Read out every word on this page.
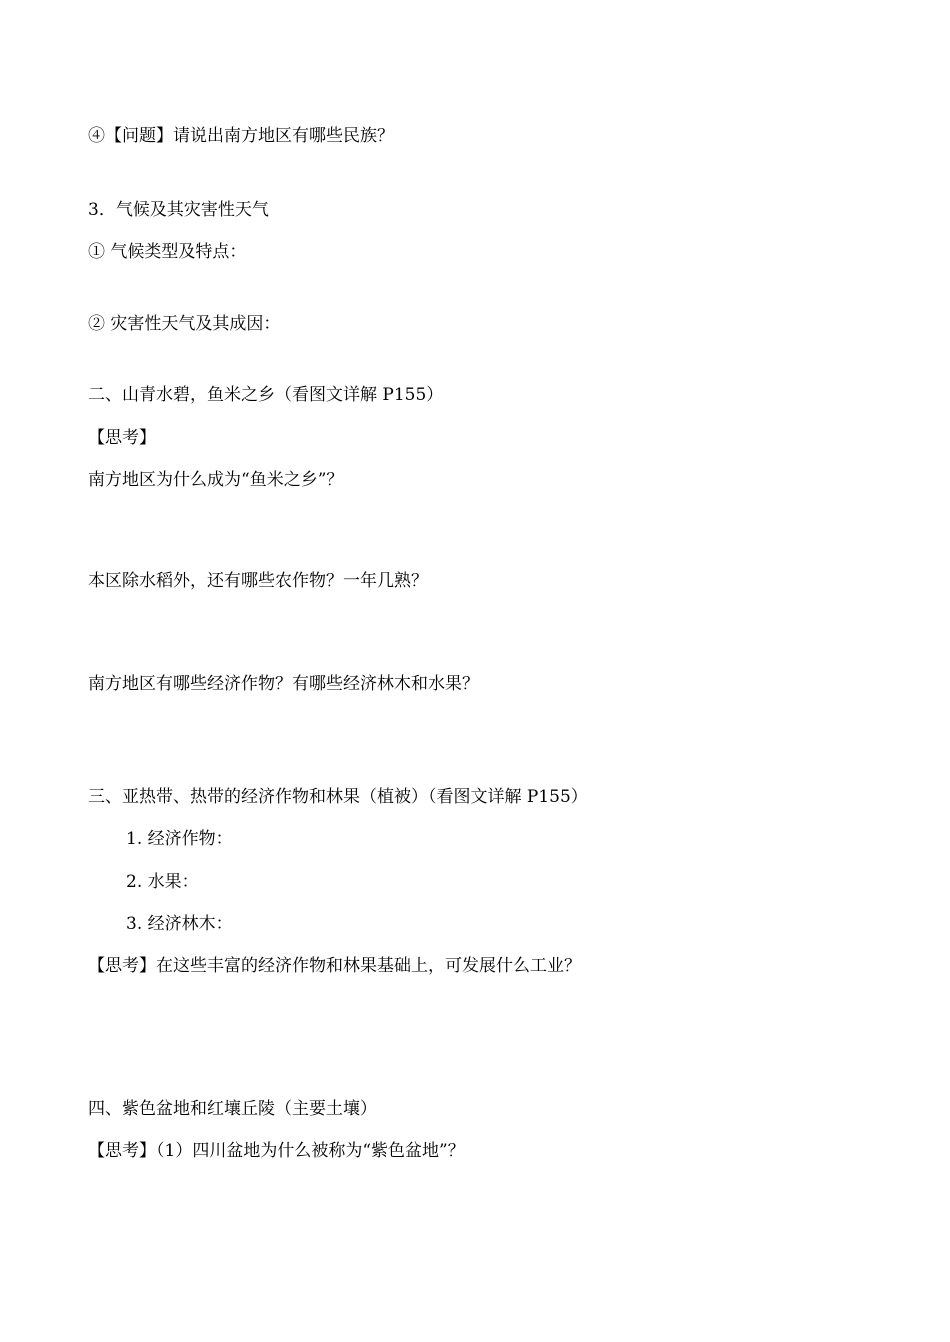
④【问题】请说出南方地区有哪些民族？
3．气候及其灾害性天气
① 气候类型及特点：
② 灾害性天气及其成因：
二、山青水碧，鱼米之乡（看图文详解 P155）
【思考】
南方地区为什么成为“鱼米之乡”？
本区除水稻外，还有哪些农作物？一年几熟？
南方地区有哪些经济作物？有哪些经济林木和水果？
三、亚热带、热带的经济作物和林果（植被）（看图文详解 P155）
1. 经济作物：
2. 水果：
3. 经济林木：
【思考】在这些丰富的经济作物和林果基础上，可发展什么工业？
四、紫色盆地和红壤丘陵（主要土壤）
【思考】（1）四川盆地为什么被称为“紫色盆地”？
